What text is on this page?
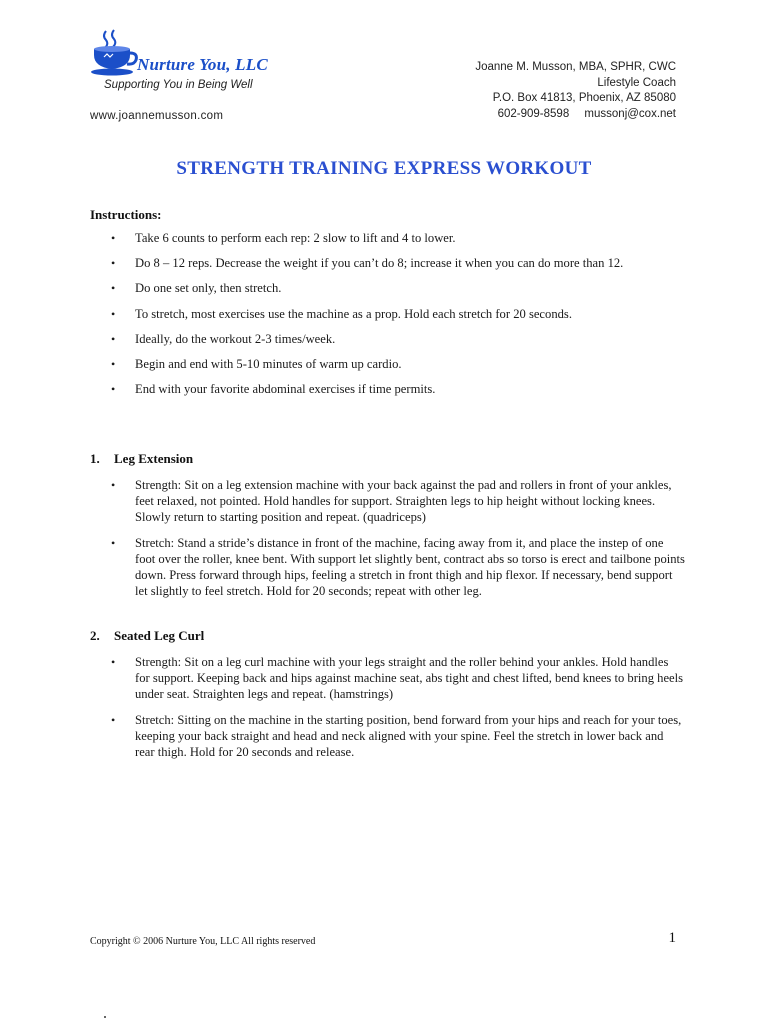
Nurture You, LLC
Supporting You in Being Well
www.joannemusson.com
Joanne M. Musson, MBA, SPHR, CWC
Lifestyle Coach
P.O. Box 41813, Phoenix, AZ 85080
602-909-8598 mussonj@cox.net
STRENGTH TRAINING EXPRESS WORKOUT
Instructions:
• Take 6 counts to perform each rep: 2 slow to lift and 4 to lower.
• Do 8 – 12 reps. Decrease the weight if you can’t do 8; increase it when you can do more than 12.
• Do one set only, then stretch.
• To stretch, most exercises use the machine as a prop. Hold each stretch for 20 seconds.
• Ideally, do the workout 2-3 times/week.
• Begin and end with 5-10 minutes of warm up cardio.
• End with your favorite abdominal exercises if time permits.
1. Leg Extension
• Strength: Sit on a leg extension machine with your back against the pad and rollers in front of your ankles, feet relaxed, not pointed. Hold handles for support. Straighten legs to hip height without locking knees. Slowly return to starting position and repeat. (quadriceps)
• Stretch: Stand a stride’s distance in front of the machine, facing away from it, and place the instep of one foot over the roller, knee bent. With support let slightly bent, contract abs so torso is erect and tailbone points down. Press forward through hips, feeling a stretch in front thigh and hip flexor. If necessary, bend support let slightly to feel stretch. Hold for 20 seconds; repeat with other leg.
2. Seated Leg Curl
• Strength: Sit on a leg curl machine with your legs straight and the roller behind your ankles. Hold handles for support. Keeping back and hips against machine seat, abs tight and chest lifted, bend knees to bring heels under seat. Straighten legs and repeat. (hamstrings)
• Stretch: Sitting on the machine in the starting position, bend forward from your hips and reach for your toes, keeping your back straight and head and neck aligned with your spine. Feel the stretch in lower back and rear thigh. Hold for 20 seconds and release.
Copyright © 2006 Nurture You, LLC All rights reserved	1
